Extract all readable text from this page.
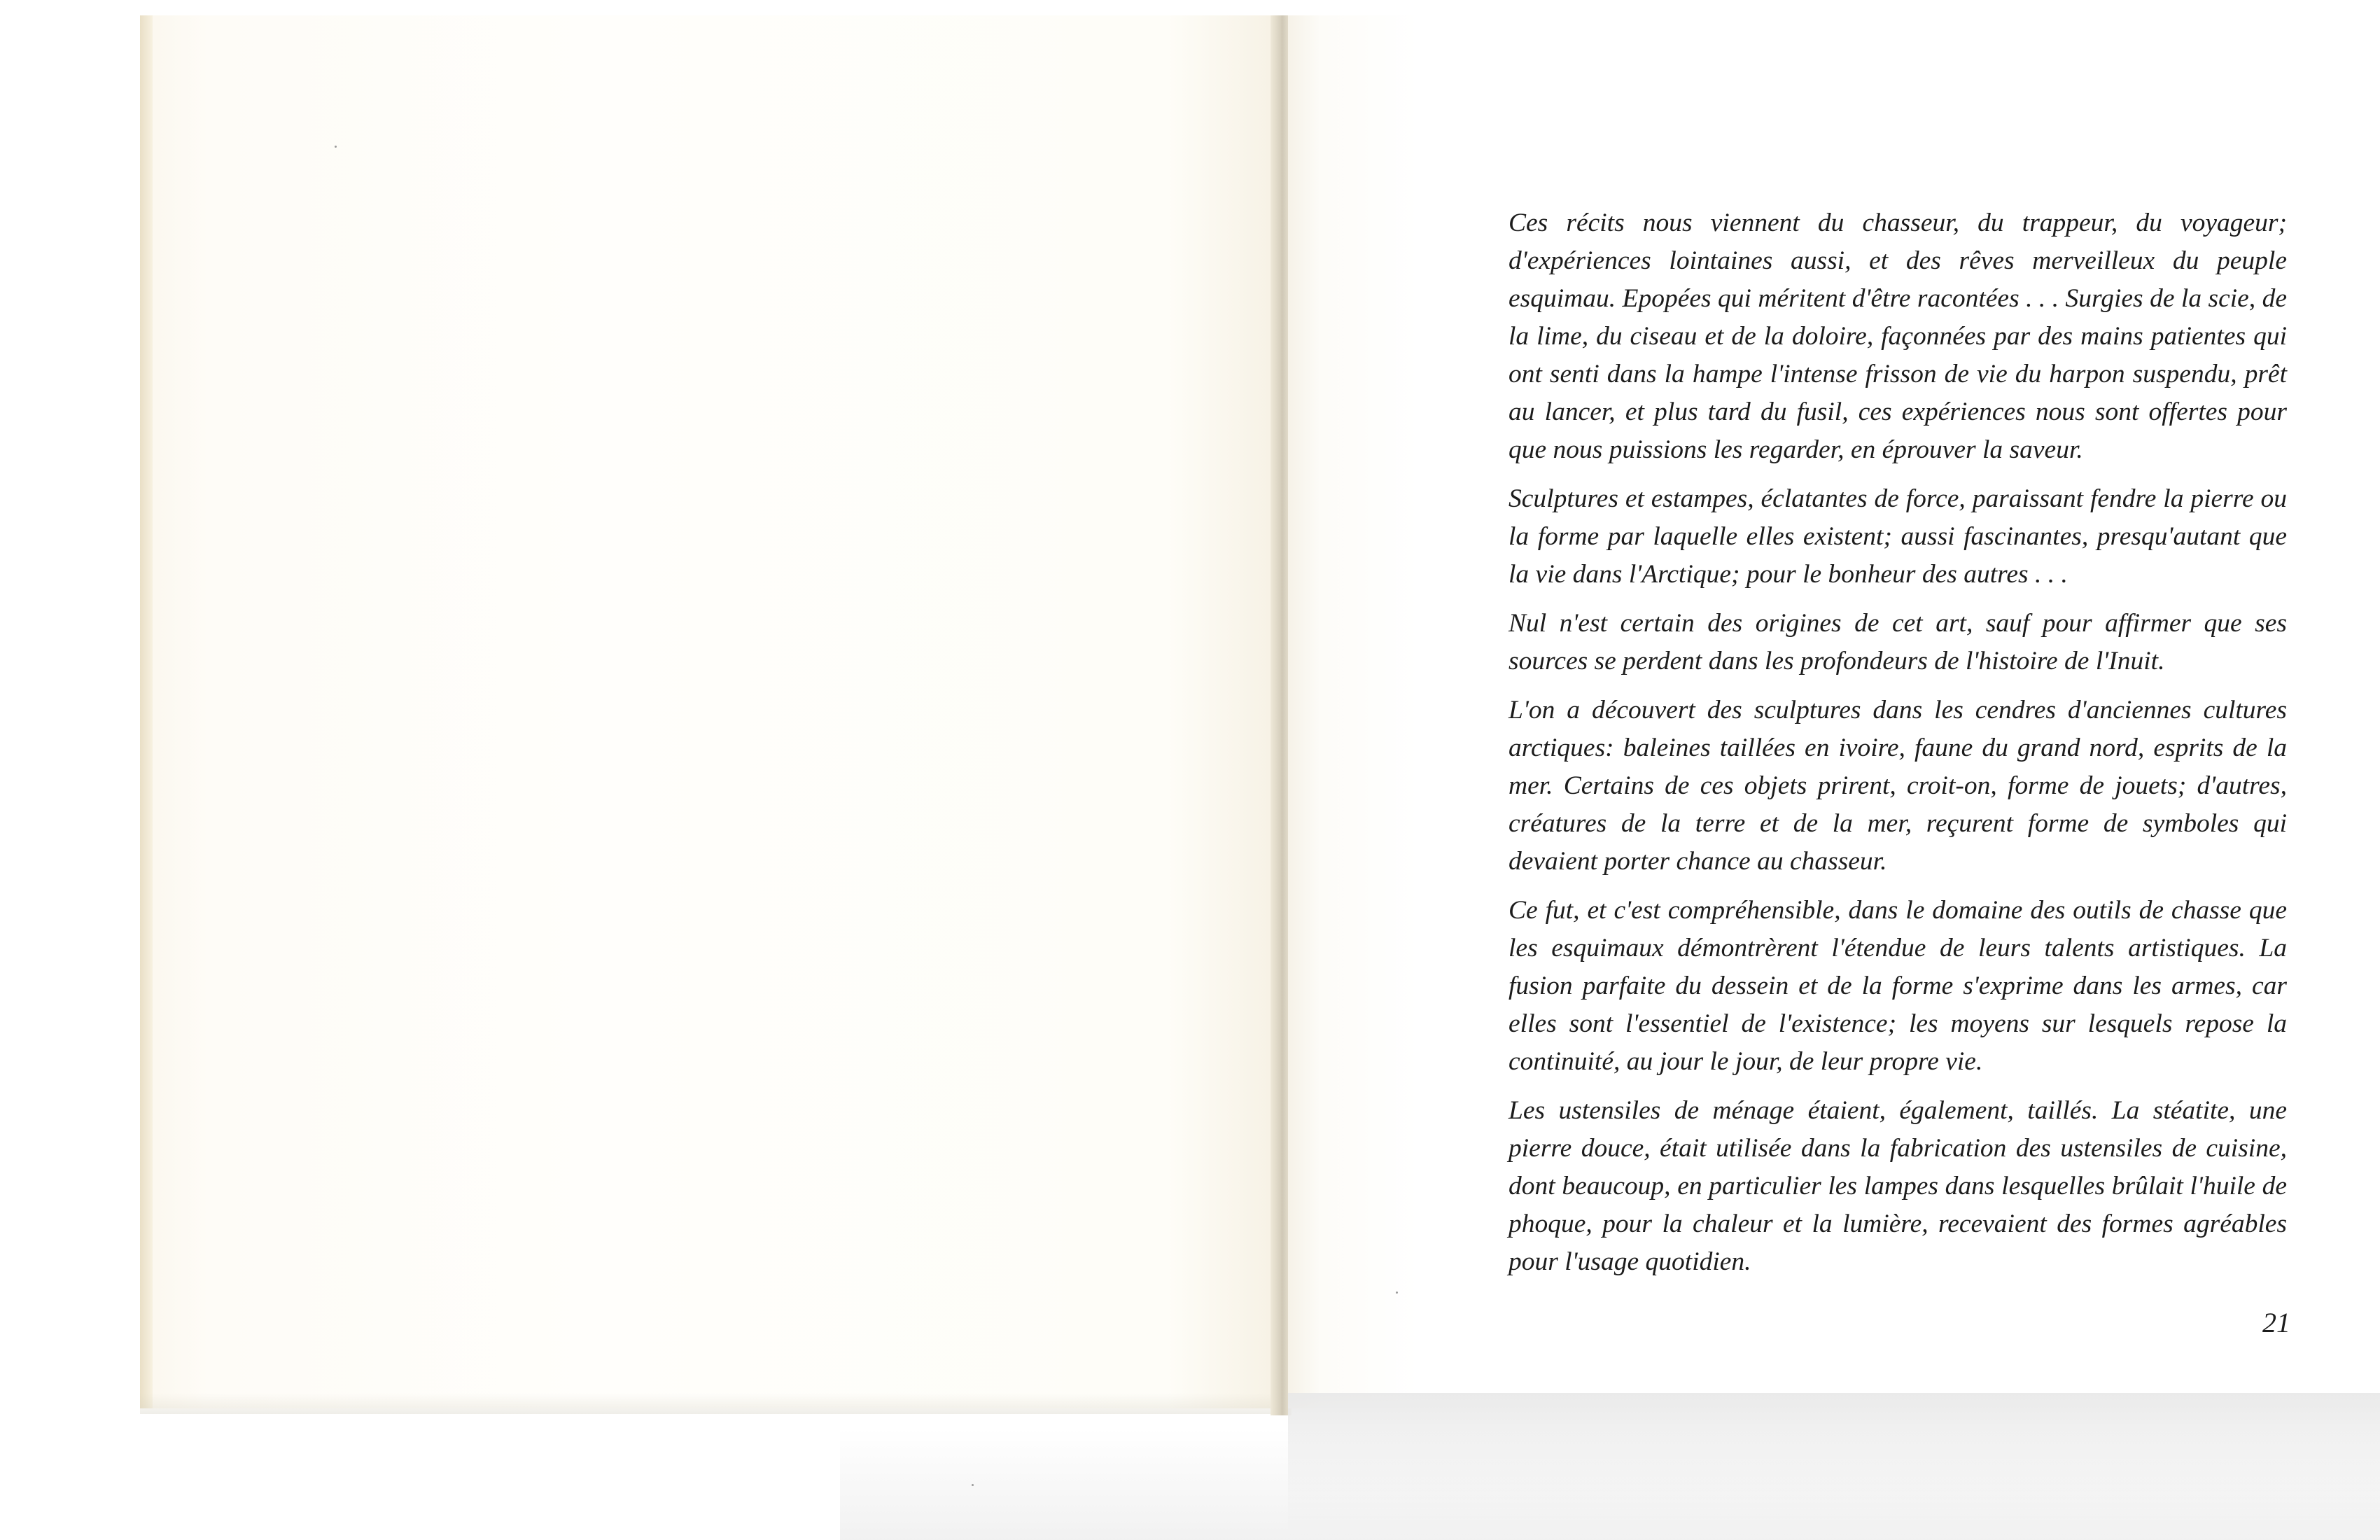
Ces récits nous viennent du chasseur, du trappeur, du voyageur; d'expériences lointaines aussi, et des rêves merveilleux du peuple esquimau. Epopées qui méritent d'être racontées . . . Surgies de la scie, de la lime, du ciseau et de la doloire, façonnées par des mains patientes qui ont senti dans la hampe l'intense frisson de vie du harpon suspendu, prêt au lancer, et plus tard du fusil, ces expériences nous sont offertes pour que nous puissions les regarder, en éprouver la saveur.

Sculptures et estampes, éclatantes de force, paraissant fendre la pierre ou la forme par laquelle elles existent; aussi fascinantes, presqu'autant que la vie dans l'Arctique; pour le bonheur des autres . . .

Nul n'est certain des origines de cet art, sauf pour affirmer que ses sources se perdent dans les profondeurs de l'histoire de l'Inuit.

L'on a découvert des sculptures dans les cendres d'anciennes cultures arctiques: baleines taillées en ivoire, faune du grand nord, esprits de la mer. Certains de ces objets prirent, croit-on, forme de jouets; d'autres, créatures de la terre et de la mer, reçurent forme de symboles qui devaient porter chance au chasseur.

Ce fut, et c'est compréhensible, dans le domaine des outils de chasse que les esquimaux démontrèrent l'étendue de leurs talents artistiques. La fusion parfaite du dessein et de la forme s'exprime dans les armes, car elles sont l'essentiel de l'existence; les moyens sur lesquels repose la continuité, au jour le jour, de leur propre vie.

Les ustensiles de ménage étaient, également, taillés. La stéatite, une pierre douce, était utilisée dans la fabrication des ustensiles de cuisine, dont beaucoup, en particulier les lampes dans lesquelles brûlait l'huile de phoque, pour la chaleur et la lumière, recevaient des formes agréables pour l'usage quotidien.

21
